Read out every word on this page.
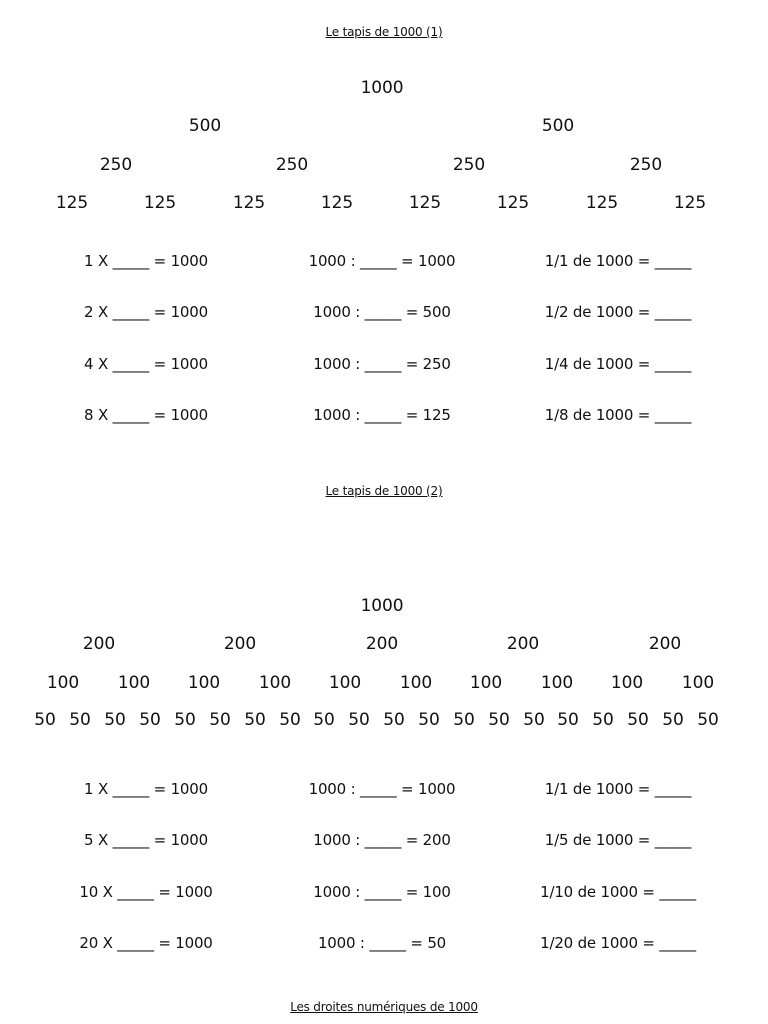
Le tapis de 1000 (1)
1000
500	500
250	250	250	250
125	125	125	125	125	125	125	125
1 X _____ = 1000	1000 : _____ = 1000	1/1 de 1000 = _____
2 X _____ = 1000	1000 : _____ = 500	1/2 de 1000 = _____
4 X _____ = 1000	1000 : _____ = 250	1/4 de 1000 = _____
8 X _____ = 1000	1000 : _____ = 125	1/8 de 1000 = _____
Le tapis de 1000 (2)
1000
200	200	200	200	200
100 100 100 100 100 100 100 100 100 100
50 50 50 50 50 50 50 50 50 50 50 50 50 50 50 50 50 50 50 50
1 X _____ = 1000	1000 : _____ = 1000	1/1 de 1000 = _____
5 X _____ = 1000	1000 : _____ = 200	1/5 de 1000 = _____
10 X _____ = 1000	1000 : _____ = 100	1/10 de 1000 = _____
20 X _____ = 1000	1000 : _____ = 50	1/20 de 1000 = _____
Les droites numériques de 1000
